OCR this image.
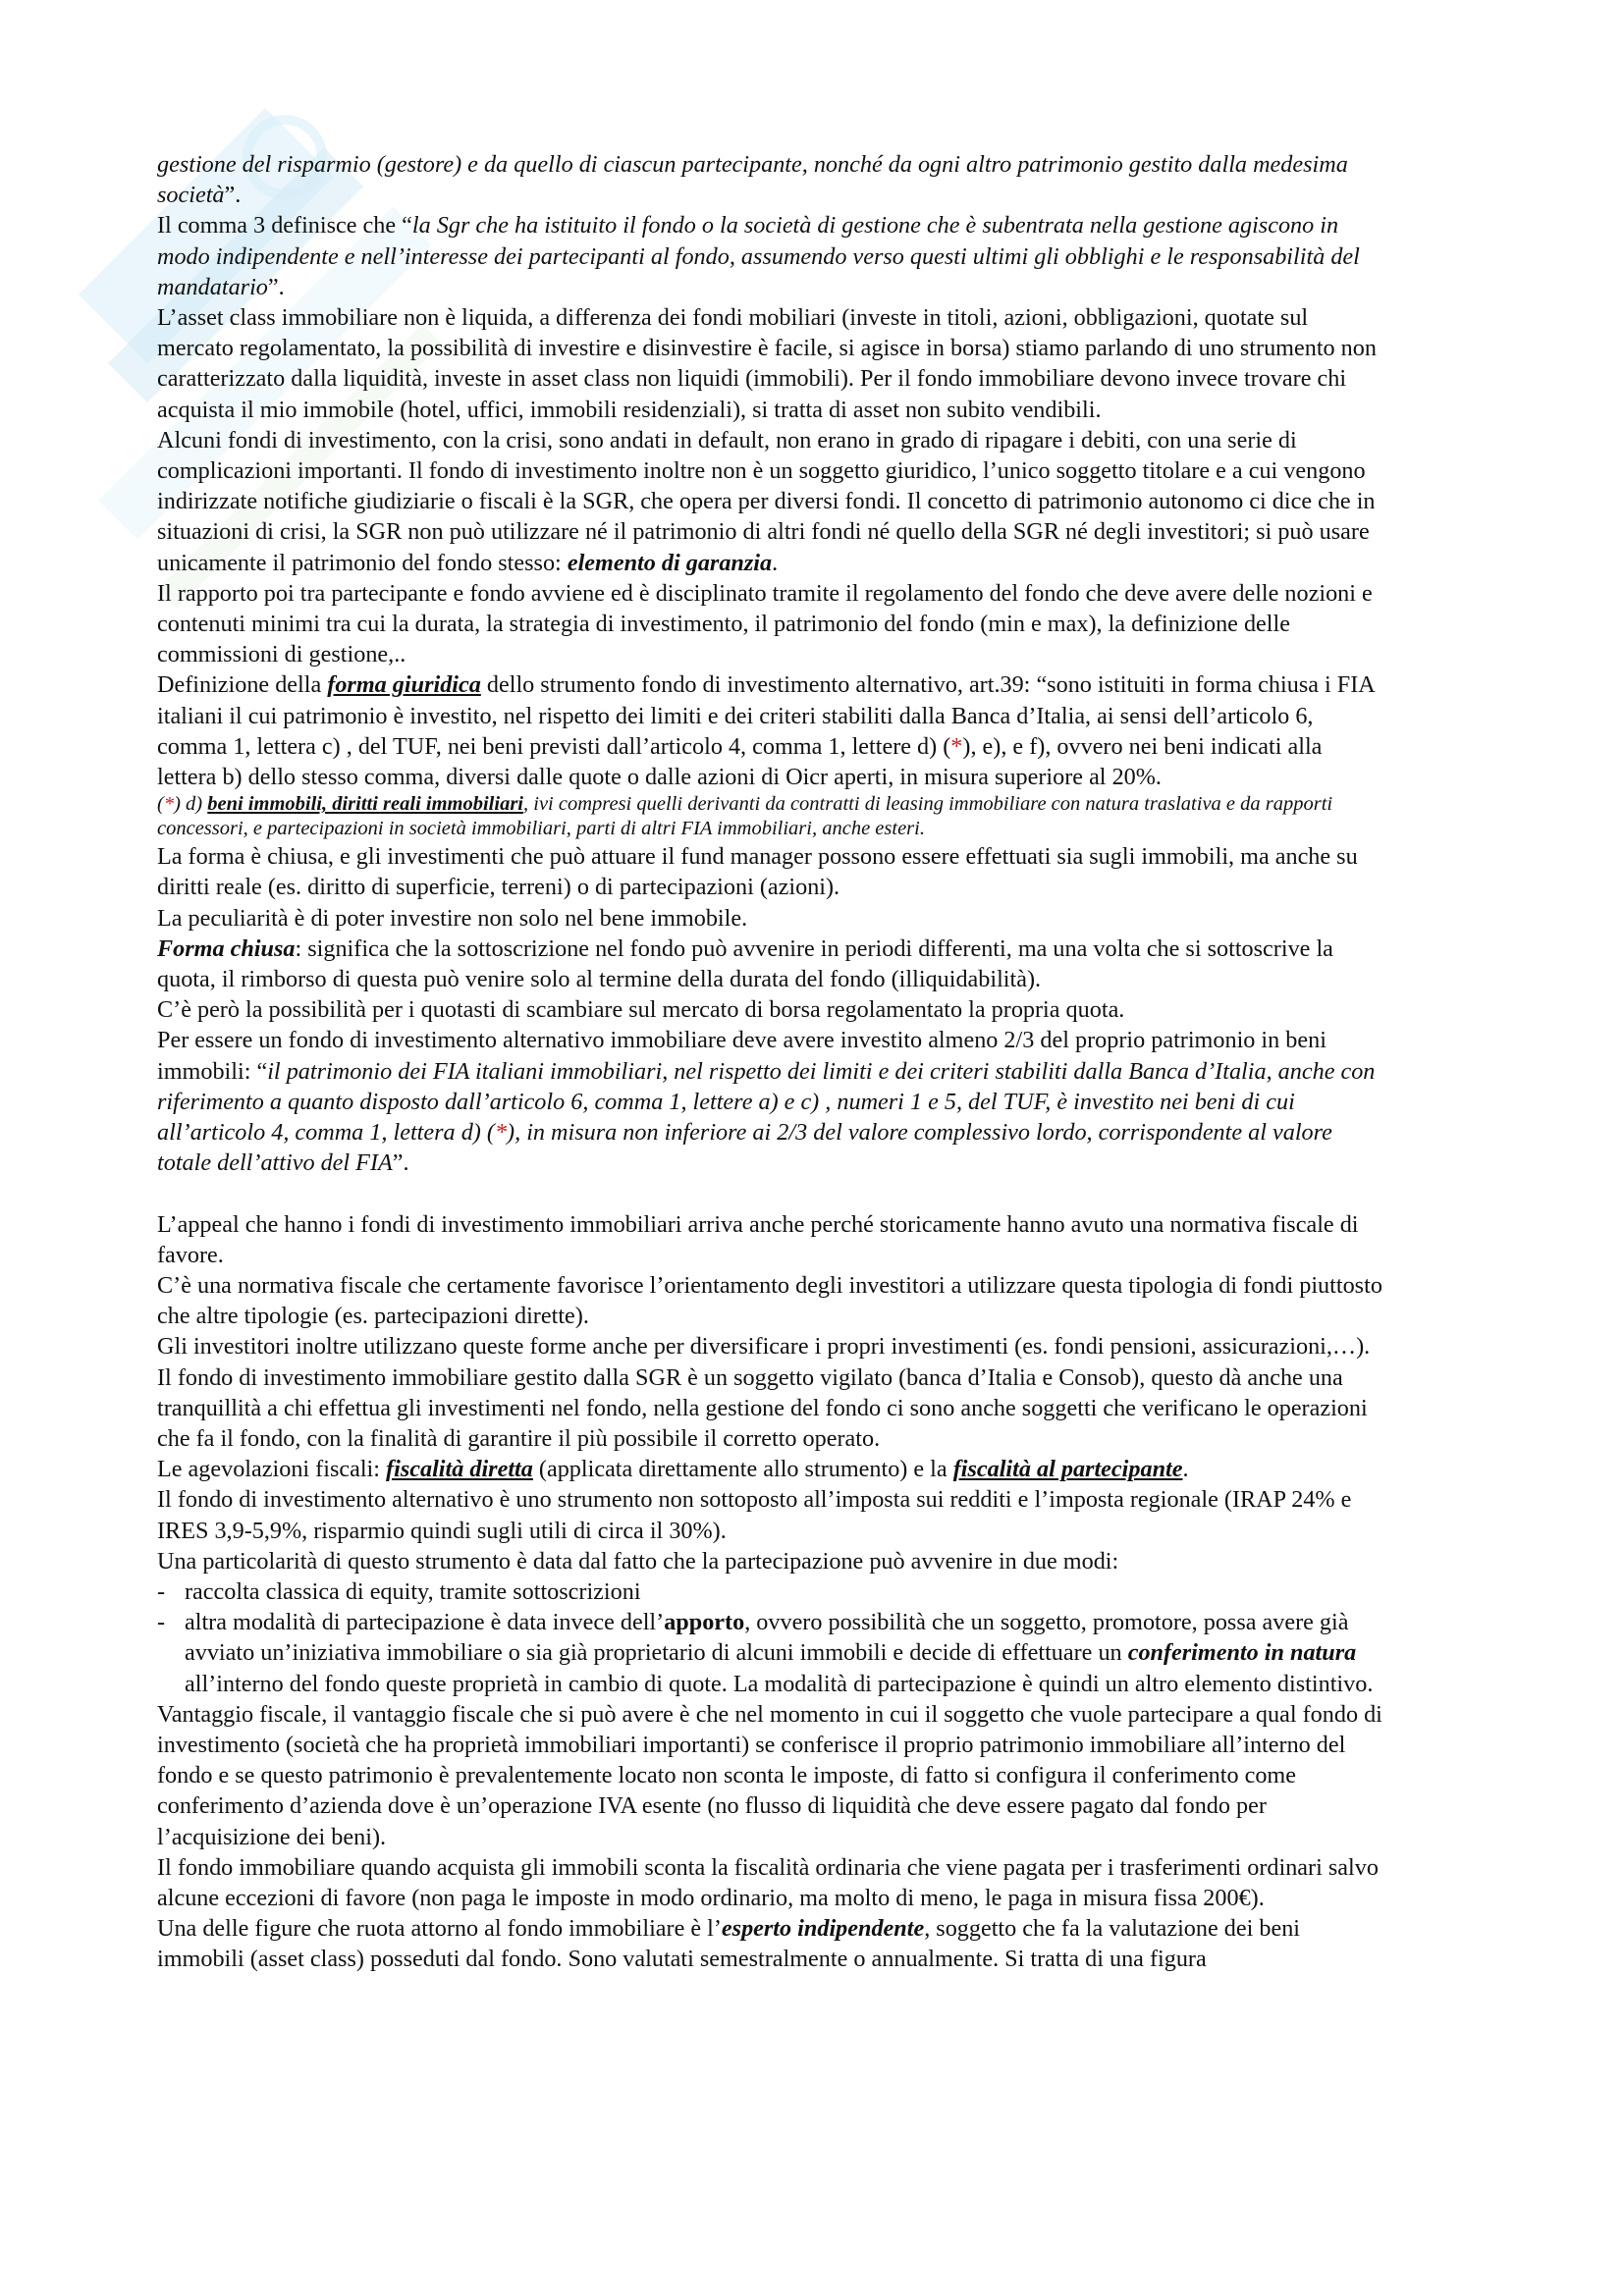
gestione del risparmio (gestore) e da quello di ciascun partecipante, nonché da ogni altro patrimonio gestito dalla medesima società”.

Il comma 3 definisce che “la Sgr che ha istituito il fondo o la società di gestione che è subentrata nella gestione agiscono in modo indipendente e nell’interesse dei partecipanti al fondo, assumendo verso questi ultimi gli obblighi e le responsabilità del mandatario”.

L’asset class immobiliare non è liquida, a differenza dei fondi mobiliari (investe in titoli, azioni, obbligazioni, quotate sul mercato regolamentato, la possibilità di investire e disinvestire è facile, si agisce in borsa) stiamo parlando di uno strumento non caratterizzato dalla liquidità, investe in asset class non liquidi (immobili). Per il fondo immobiliare devono invece trovare chi acquista il mio immobile (hotel, uffici, immobili residenziali), si tratta di asset non subito vendibili.

Alcuni fondi di investimento, con la crisi, sono andati in default, non erano in grado di ripagare i debiti, con una serie di complicazioni importanti. Il fondo di investimento inoltre non è un soggetto giuridico, l’unico soggetto titolare e a cui vengono indirizzate notifiche giudiziarie o fiscali è la SGR, che opera per diversi fondi. Il concetto di patrimonio autonomo ci dice che in situazioni di crisi, la SGR non può utilizzare né il patrimonio di altri fondi né quello della SGR né degli investitori; si può usare unicamente il patrimonio del fondo stesso: elemento di garanzia.

Il rapporto poi tra partecipante e fondo avviene ed è disciplinato tramite il regolamento del fondo che deve avere delle nozioni e contenuti minimi tra cui la durata, la strategia di investimento, il patrimonio del fondo (min e max), la definizione delle commissioni di gestione,..

Definizione della forma giuridica dello strumento fondo di investimento alternativo, art.39: “sono istituiti in forma chiusa i FIA italiani il cui patrimonio è investito, nel rispetto dei limiti e dei criteri stabiliti dalla Banca d’Italia, ai sensi dell’articolo 6, comma 1, lettera c) , del TUF, nei beni previsti dall’articolo 4, comma 1, lettere d) (*), e), e f), ovvero nei beni indicati alla lettera b) dello stesso comma, diversi dalle quote o dalle azioni di Oicr aperti, in misura superiore al 20%.

(*) d) beni immobili, diritti reali immobiliari, ivi compresi quelli derivanti da contratti di leasing immobiliare con natura traslativa e da rapporti concessori, e partecipazioni in società immobiliari, parti di altri FIA immobiliari, anche esteri.

La forma è chiusa, e gli investimenti che può attuare il fund manager possono essere effettuati sia sugli immobili, ma anche su diritti reale (es. diritto di superficie, terreni) o di partecipazioni (azioni).

La peculiarità è di poter investire non solo nel bene immobile.

Forma chiusa: significa che la sottoscrizione nel fondo può avvenire in periodi differenti, ma una volta che si sottoscrive la quota, il rimborso di questa può venire solo al termine della durata del fondo (illiquidabilità).

C’è però la possibilità per i quotasti di scambiare sul mercato di borsa regolamentato la propria quota.

Per essere un fondo di investimento alternativo immobiliare deve avere investito almeno 2/3 del proprio patrimonio in beni immobili: “il patrimonio dei FIA italiani immobiliari, nel rispetto dei limiti e dei criteri stabiliti dalla Banca d’Italia, anche con riferimento a quanto disposto dall’articolo 6, comma 1, lettere a) e c) , numeri 1 e 5, del TUF, è investito nei beni di cui all’articolo 4, comma 1, lettera d) (*), in misura non inferiore ai 2/3 del valore complessivo lordo, corrispondente al valore totale dell’attivo del FIA”.

L’appeal che hanno i fondi di investimento immobiliari arriva anche perché storicamente hanno avuto una normativa fiscale di favore.

C’è una normativa fiscale che certamente favorisce l’orientamento degli investitori a utilizzare questa tipologia di fondi piuttosto che altre tipologie (es. partecipazioni dirette).

Gli investitori inoltre utilizzano queste forme anche per diversificare i propri investimenti (es. fondi pensioni, assicurazioni,…).

Il fondo di investimento immobiliare gestito dalla SGR è un soggetto vigilato (banca d’Italia e Consob), questo dà anche una tranquillità a chi effettua gli investimenti nel fondo, nella gestione del fondo ci sono anche soggetti che verificano le operazioni che fa il fondo, con la finalità di garantire il più possibile il corretto operato.

Le agevolazioni fiscali: fiscalità diretta (applicata direttamente allo strumento) e la fiscalità al partecipante.

Il fondo di investimento alternativo è uno strumento non sottoposto all’imposta sui redditi e l’imposta regionale (IRAP 24% e IRES 3,9-5,9%, risparmio quindi sugli utili di circa il 30%).

Una particolarità di questo strumento è data dal fatto che la partecipazione può avvenire in due modi:

- raccolta classica di equity, tramite sottoscrizioni
- altra modalità di partecipazione è data invece dell’apporto, ovvero possibilità che un soggetto, promotore, possa avere già avviato un’iniziativa immobiliare o sia già proprietario di alcuni immobili e decide di effettuare un conferimento in natura all’interno del fondo queste proprietà in cambio di quote. La modalità di partecipazione è quindi un altro elemento distintivo.

Vantaggio fiscale, il vantaggio fiscale che si può avere è che nel momento in cui il soggetto che vuole partecipare a qual fondo di investimento (società che ha proprietà immobiliari importanti) se conferisce il proprio patrimonio immobiliare all’interno del fondo e se questo patrimonio è prevalentemente locato non sconta le imposte, di fatto si configura il conferimento come conferimento d’azienda dove è un’operazione IVA esente (no flusso di liquidità che deve essere pagato dal fondo per l’acquisizione dei beni).

Il fondo immobiliare quando acquista gli immobili sconta la fiscalità ordinaria che viene pagata per i trasferimenti ordinari salvo alcune eccezioni di favore (non paga le imposte in modo ordinario, ma molto di meno, le paga in misura fissa 200€).

Una delle figure che ruota attorno al fondo immobiliare è l’esperto indipendente, soggetto che fa la valutazione dei beni immobili (asset class) posseduti dal fondo. Sono valutati semestralmente o annualmente. Si tratta di una figura
